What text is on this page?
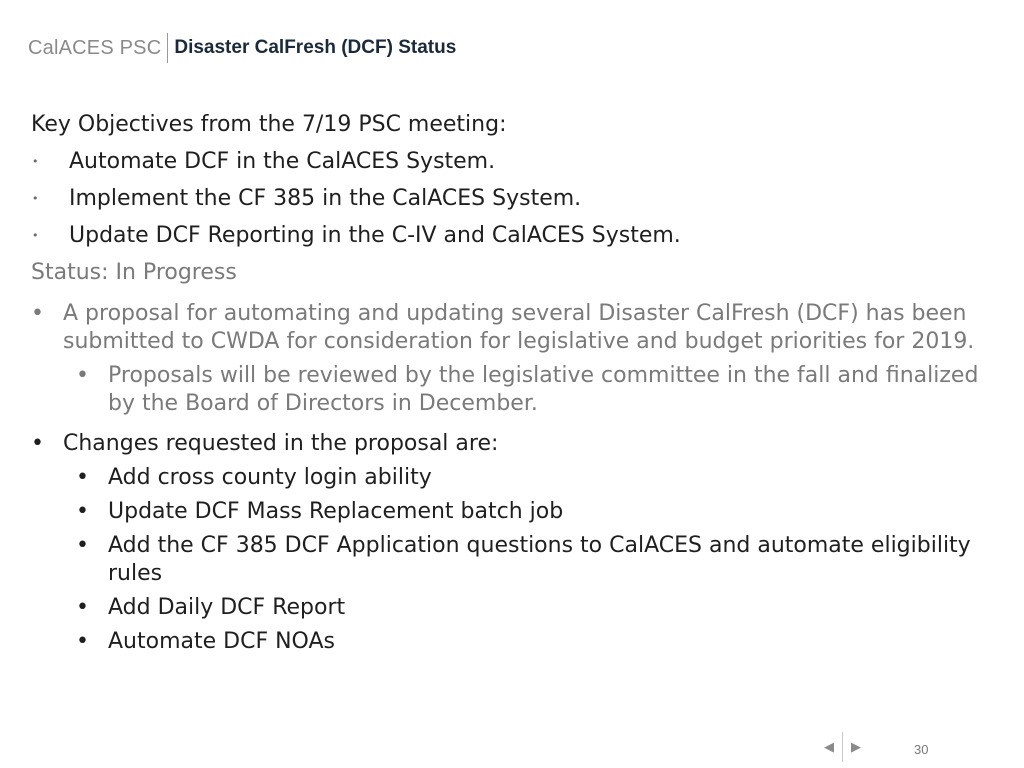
CalACES PSC Disaster CalFresh (DCF) Status
Key Objectives from the 7/19 PSC meeting:
• Automate DCF in the CalACES System.
• Implement the CF 385 in the CalACES System.
• Update DCF Reporting in the C-IV and CalACES System.
Status: In Progress
• A proposal for automating and updating several Disaster CalFresh (DCF) has been submitted to CWDA for consideration for legislative and budget priorities for 2019.
• Proposals will be reviewed by the legislative committee in the fall and finalized by the Board of Directors in December.
• Changes requested in the proposal are:
• Add cross county login ability
• Update DCF Mass Replacement batch job
• Add the CF 385 DCF Application questions to CalACES and automate eligibility rules
• Add Daily DCF Report
• Automate DCF NOAs
◀ ▶	30
